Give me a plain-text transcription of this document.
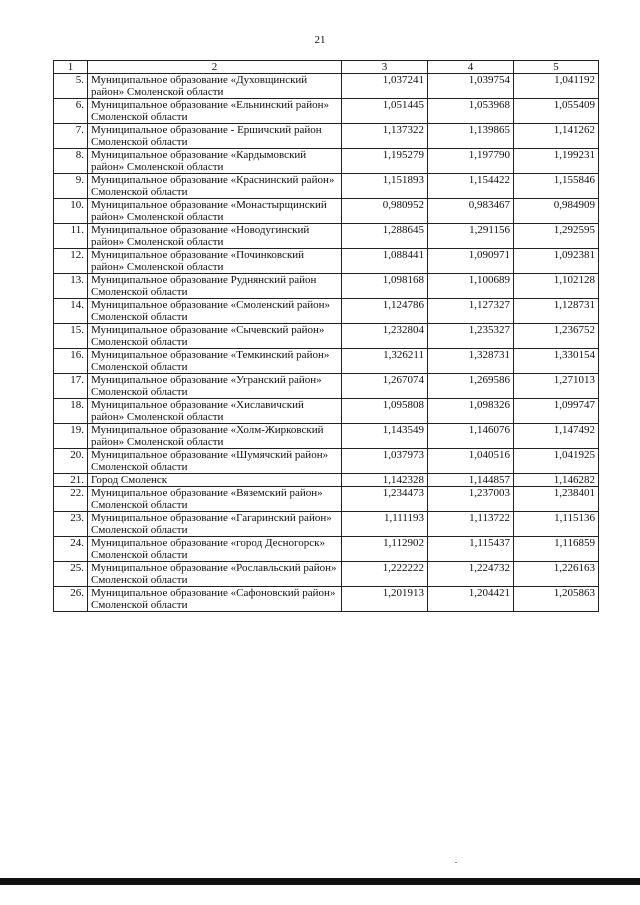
21
1	2	3	4	5
5.	Муниципальное образование «Духовщинский район» Смоленской области	1,037241	1,039754	1,041192
6.	Муниципальное образование «Ельнинский район» Смоленской области	1,051445	1,053968	1,055409
7.	Муниципальное образование - Ершичский район Смоленской области	1,137322	1,139865	1,141262
8.	Муниципальное образование «Кардымовский район» Смоленской области	1,195279	1,197790	1,199231
9.	Муниципальное образование «Краснинский район» Смоленской области	1,151893	1,154422	1,155846
10.	Муниципальное образование «Монастырщинский район» Смоленской области	0,980952	0,983467	0,984909
11.	Муниципальное образование «Новодугинский район» Смоленской области	1,288645	1,291156	1,292595
12.	Муниципальное образование «Починковский район» Смоленской области	1,088441	1,090971	1,092381
13.	Муниципальное образование Руднянский район Смоленской области	1,098168	1,100689	1,102128
14.	Муниципальное образование «Смоленский район» Смоленской области	1,124786	1,127327	1,128731
15.	Муниципальное образование «Сычевский район» Смоленской области	1,232804	1,235327	1,236752
16.	Муниципальное образование «Темкинский район» Смоленской области	1,326211	1,328731	1,330154
17.	Муниципальное образование «Угранский район» Смоленской области	1,267074	1,269586	1,271013
18.	Муниципальное образование «Хиславичский район» Смоленской области	1,095808	1,098326	1,099747
19.	Муниципальное образование «Холм-Жирковский район» Смоленской области	1,143549	1,146076	1,147492
20.	Муниципальное образование «Шумячский район» Смоленской области	1,037973	1,040516	1,041925
21.	Город Смоленск	1,142328	1,144857	1,146282
22.	Муниципальное образование «Вяземский район» Смоленской области	1,234473	1,237003	1,238401
23.	Муниципальное образование «Гагаринский район» Смоленской области	1,111193	1,113722	1,115136
24.	Муниципальное образование «город Десногорск» Смоленской области	1,112902	1,115437	1,116859
25.	Муниципальное образование «Рославльский район» Смоленской области	1,222222	1,224732	1,226163
26.	Муниципальное образование «Сафоновский район» Смоленской области	1,201913	1,204421	1,205863
